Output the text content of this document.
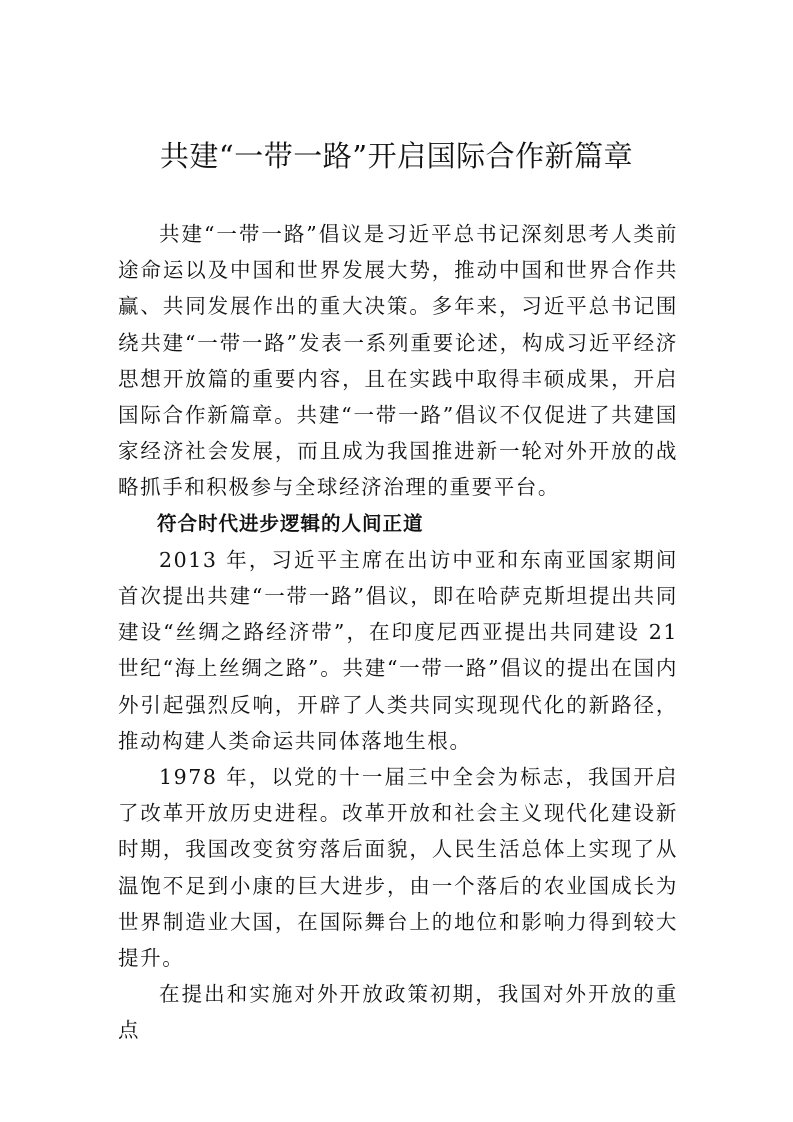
共建“一带一路”开启国际合作新篇章

共建“一带一路”倡议是习近平总书记深刻思考人类前途命运以及中国和世界发展大势，推动中国和世界合作共赢、共同发展作出的重大决策。多年来，习近平总书记围绕共建“一带一路”发表一系列重要论述，构成习近平经济思想开放篇的重要内容，且在实践中取得丰硕成果，开启国际合作新篇章。共建“一带一路”倡议不仅促进了共建国家经济社会发展，而且成为我国推进新一轮对外开放的战略抓手和积极参与全球经济治理的重要平台。

符合时代进步逻辑的人间正道

2013 年，习近平主席在出访中亚和东南亚国家期间首次提出共建“一带一路”倡议，即在哈萨克斯坦提出共同建设“丝绸之路经济带”，在印度尼西亚提出共同建设 21 世纪“海上丝绸之路”。共建“一带一路”倡议的提出在国内外引起强烈反响，开辟了人类共同实现现代化的新路径，推动构建人类命运共同体落地生根。

1978 年，以党的十一届三中全会为标志，我国开启了改革开放历史进程。改革开放和社会主义现代化建设新时期，我国改变贫穷落后面貌，人民生活总体上实现了从温饱不足到小康的巨大进步，由一个落后的农业国成长为世界制造业大国，在国际舞台上的地位和影响力得到较大提升。

在提出和实施对外开放政策初期，我国对外开放的重点
